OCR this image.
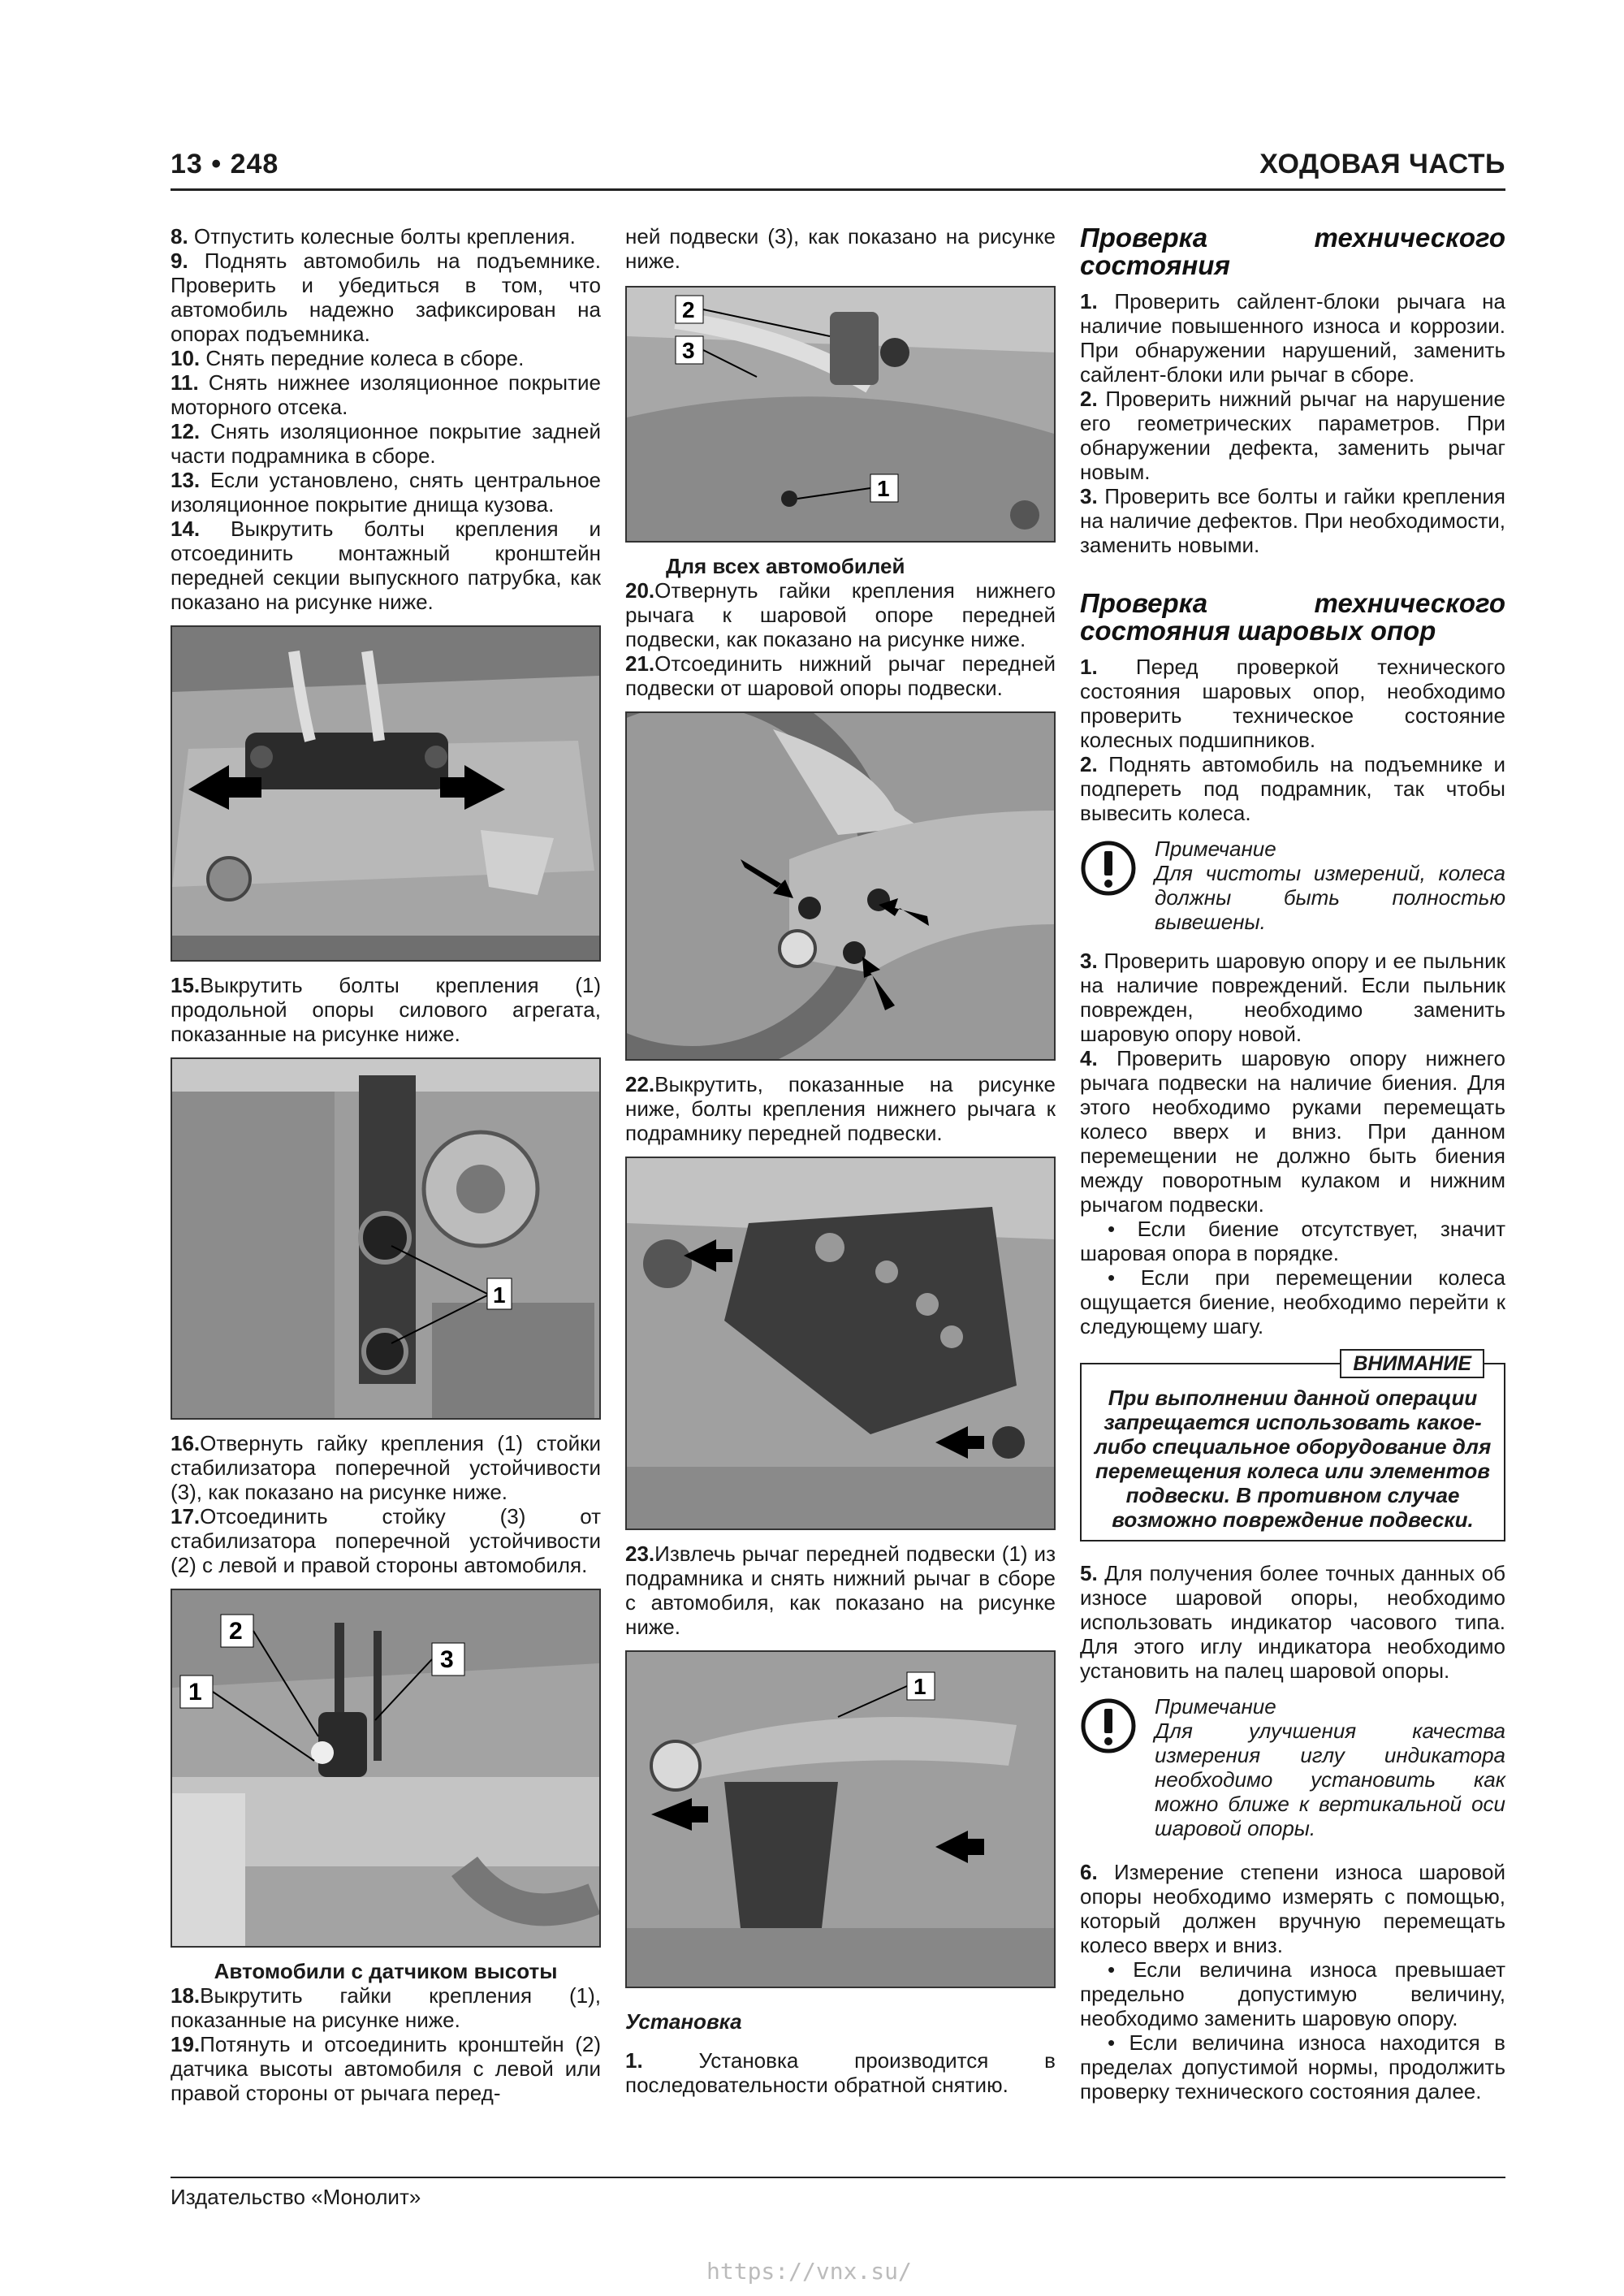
13 • 248	ХОДОВАЯ ЧАСТЬ

8. Отпустить колесные болты крепления.

9. Поднять автомобиль на подъемнике. Проверить и убедиться в том, что автомобиль надежно зафиксирован на опорах подъемника.

10. Снять передние колеса в сборе.

11. Снять нижнее изоляционное покрытие моторного отсека.

12. Снять изоляционное покрытие задней части подрамника в сборе.

13. Если установлено, снять центральное изоляционное покрытие днища кузова.

14. Выкрутить болты крепления и отсоединить монтажный кронштейн передней секции выпускного патрубка, как показано на рисунке ниже.

15.Выкрутить болты крепления (1) продольной опоры силового агрегата, показанные на рисунке ниже.

1

16.Отвернуть гайку крепления (1) стойки стабилизатора поперечной устойчивости (3), как показано на рисунке ниже.

17.Отсоединить стойку (3) от стабилизатора поперечной устойчивости (2) с левой и правой стороны автомобиля.

2
1
3

Автомобили с датчиком высоты

18.Выкрутить гайки крепления (1), показанные на рисунке ниже.

19.Потянуть и отсоединить кронштейн (2) датчика высоты автомобиля с левой или правой стороны от рычага перед-

ней подвески (3), как показано на рисунке ниже.

2
3
1

Для всех автомобилей

20.Отвернуть гайки крепления нижнего рычага к шаровой опоре передней подвески, как показано на рисунке ниже.

21.Отсоединить нижний рычаг передней подвески от шаровой опоры подвески.

22.Выкрутить, показанные на рисунке ниже, болты крепления нижнего рычага к подрамнику передней подвески.

23.Извлечь рычаг передней подвески (1) из подрамника и снять нижний рычаг в сборе с автомобиля, как показано на рисунке ниже.

1

Установка

1.	Установка производится в последовательности обратной снятию.

Проверка технического состояния

1. Проверить сайлент-блоки рычага на наличие повышенного износа и коррозии. При обнаружении нарушений, заменить сайлент-блоки или рычаг в сборе.

2. Проверить нижний рычаг на нарушение его геометрических параметров. При обнаружении дефекта, заменить рычаг новым.

3. Проверить все болты и гайки крепления на наличие дефектов. При необходимости, заменить новыми.

Проверка технического состояния шаровых опор

1. Перед проверкой технического состояния шаровых опор, необходимо проверить техническое состояние колесных подшипников.

2. Поднять автомобиль на подъемнике и подпереть под подрамник, так чтобы вывесить колеса.

Примечание
Для чистоты измерений, колеса должны быть полностью вывешены.

3. Проверить шаровую опору и ее пыльник на наличие повреждений. Если пыльник поврежден, необходимо заменить шаровую опору новой.

4. Проверить шаровую опору нижнего рычага подвески на наличие биения. Для этого необходимо руками перемещать колесо вверх и вниз. При данном перемещении не должно быть биения между поворотным кулаком и нижним рычагом подвески.

• Если биение отсутствует, значит шаровая опора в порядке.

• Если при перемещении колеса ощущается биение, необходимо перейти к следующему шагу.

ВНИМАНИЕ
При выполнении данной операции запрещается использовать какое-либо специальное оборудование для перемещения колеса или элементов подвески. В противном случае возможно повреждение подвески.

5. Для получения более точных данных об износе шаровой опоры, необходимо использовать индикатор часового типа. Для этого иглу индикатора необходимо установить на палец шаровой опоры.

Примечание
Для улучшения качества измерения иглу индикатора необходимо установить как можно ближе к вертикальной оси шаровой опоры.

6. Измерение степени износа шаровой опоры необходимо измерять с помощью, который должен вручную перемещать колесо вверх и вниз.

• Если величина износа превышает предельно допустимую величину, необходимо заменить шаровую опору.

• Если величина износа находится в пределах допустимой нормы, продолжить проверку технического состояния далее.

Издательство «Монолит»
https://vnx.su/
